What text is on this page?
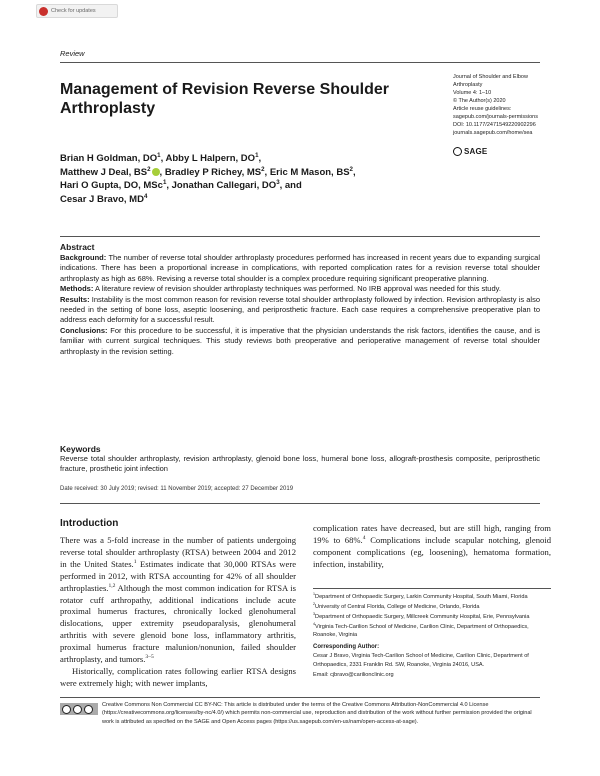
Check for updates
Review
Management of Revision Reverse Shoulder Arthroplasty
Journal of Shoulder and Elbow
Arthroplasty
Volume 4: 1–10
© The Author(s) 2020
Article reuse guidelines:
sagepub.com/journals-permissions
DOI: 10.1177/2471549220902296
journals.sagepub.com/home/sea
SAGE
Brian H Goldman, $DO^1$, Abby L Halpern, $DO^1$,
Matthew J Deal, $BS^2$ , Bradley P Richey, $MS^2$, Eric M Mason, $BS^2$,
Hari O Gupta, DO, MSc$^1$, Jonathan Callegari, $DO^3$, and
Cesar J Bravo, $MD^4$
Abstract

Background: The number of reverse total shoulder arthroplasty procedures performed has increased in recent years due to expanding surgical indications. There has been a proportional increase in complications, with reported complication rates for a revision reverse total shoulder arthroplasty as high as 68%. Revising a reverse total shoulder is a complex procedure requiring significant preoperative planning.

Methods: A literature review of revision shoulder arthroplasty techniques was performed. No IRB approval was needed for this study.

Results: Instability is the most common reason for revision reverse total shoulder arthroplasty followed by infection. Revision arthroplasty is also needed in the setting of bone loss, aseptic loosening, and periprosthetic fracture. Each case requires a comprehensive preoperative plan to address each deformity for a successful result.

Conclusions: For this procedure to be successful, it is imperative that the physician understands the risk factors, identifies the cause, and is familiar with current surgical techniques. This study reviews both preoperative and perioperative management of reverse total shoulder arthroplasty in the revision setting.

Keywords
Reverse total shoulder arthroplasty, revision arthroplasty, glenoid bone loss, humeral bone loss, allograft-prosthesis composite, periprosthetic fracture, prosthetic joint infection
Date received: 30 July 2019; revised: 11 November 2019; accepted: 27 December 2019
Introduction

There was a 5-fold increase in the number of patients undergoing reverse total shoulder arthroplasty (RTSA) between 2004 and 2012 in the United States.$^1$ Estimates indicate that 30,000 RTSAs were performed in 2012, with RTSA accounting for 42% of all shoulder arthroplasties.$^{1,2}$ Although the most common indication for RTSA is rotator cuff arthropathy, additional indications include acute proximal humerus fractures, chronically locked glenohumeral dislocations, upper extremity pseudoparalysis, glenohumeral arthritis with severe glenoid bone loss, inflammatory arthritis, proximal humerus fracture malunion/nonunion, failed shoulder arthroplasty, and tumors.$^{3-5}$

Historically, complication rates following earlier RTSA designs were extremely high; with newer implants,

complication rates have decreased, but are still high, ranging from 19% to 68%.$^4$ Complications include scapular notching, glenoid component complications (eg, loosening), hematoma formation, infection, instability,

$^1$Department of Orthopaedic Surgery, Larkin Community Hospital, South Miami, Florida

$^2$University of Central Florida, College of Medicine, Orlando, Florida

$^3$Department of Orthopaedic Surgery, Millcreek Community Hospital, Erie, Pennsylvania

$^4$Virginia Tech-Carilion School of Medicine, Carilion Clinic, Department of Orthopaedics, Roanoke, Virginia

Corresponding Author:

Cesar J Bravo, Virginia Tech-Carilion School of Medicine, Carilion Clinic, Department of Orthopaedics, 2331 Franklin Rd. SW, Roanoke, Virginia 24016, USA.

Email: cjbravo@carilionclinic.org

Creative Commons Non Commercial CC BY-NC: This article is distributed under the terms of the Creative Commons Attribution-NonCommercial 4.0 License (https://creativecommons.org/licenses/by-nc/4.0/) which permits non-commercial use, reproduction and distribution of the work without further permission provided the original work is attributed as specified on the SAGE and Open Access pages (https://us.sagepub.com/en-us/nam/open-access-at-sage).
